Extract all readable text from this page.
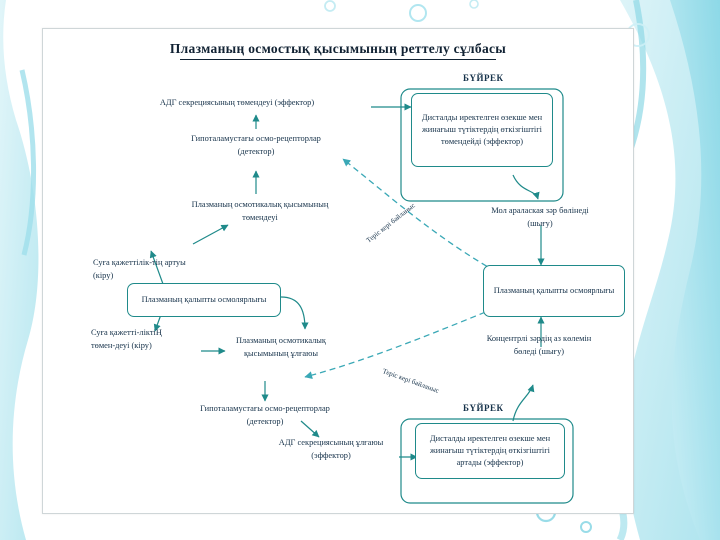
Плазманың осмостық қысымының реттелу сұлбасы
БҮЙРЕК
БҮЙРЕК
АДГ секрециясының төмендеуі (эффектор)
Дисталды иректелген өзекше мен жинағыш түтіктердің өткізгіштігі төмендейді (эффектор)
Гипоталамустағы осмо-рецепторлар (детектор)
Мол аралаская зәр бөлінеді (шығу)
Плазманың осмотикалық қысымының төмендеуі
Суға қажеттілік-тің артуы (кіру)
Плазманың қалыпты осмолярлығы
Плазманың қалыпты осмоярлығы
Суға қажетті-ліктіҢ төмен-деуі (кіру)
Плазманың осмотикалық қысымының ұлғаюы
Концентрлі зәрдің аз көлемін бөледі (шығу)
Гипоталамустағы осмо-рецепторлар (детектор)
АДГ секрециясының ұлғаюы (эффектор)
Дисталды иректелген өзекше мен жинағыш түтіктердің өткізгіштігі артады (эффектор)
Теріс кері байланыс
Теріс кері байланыс
